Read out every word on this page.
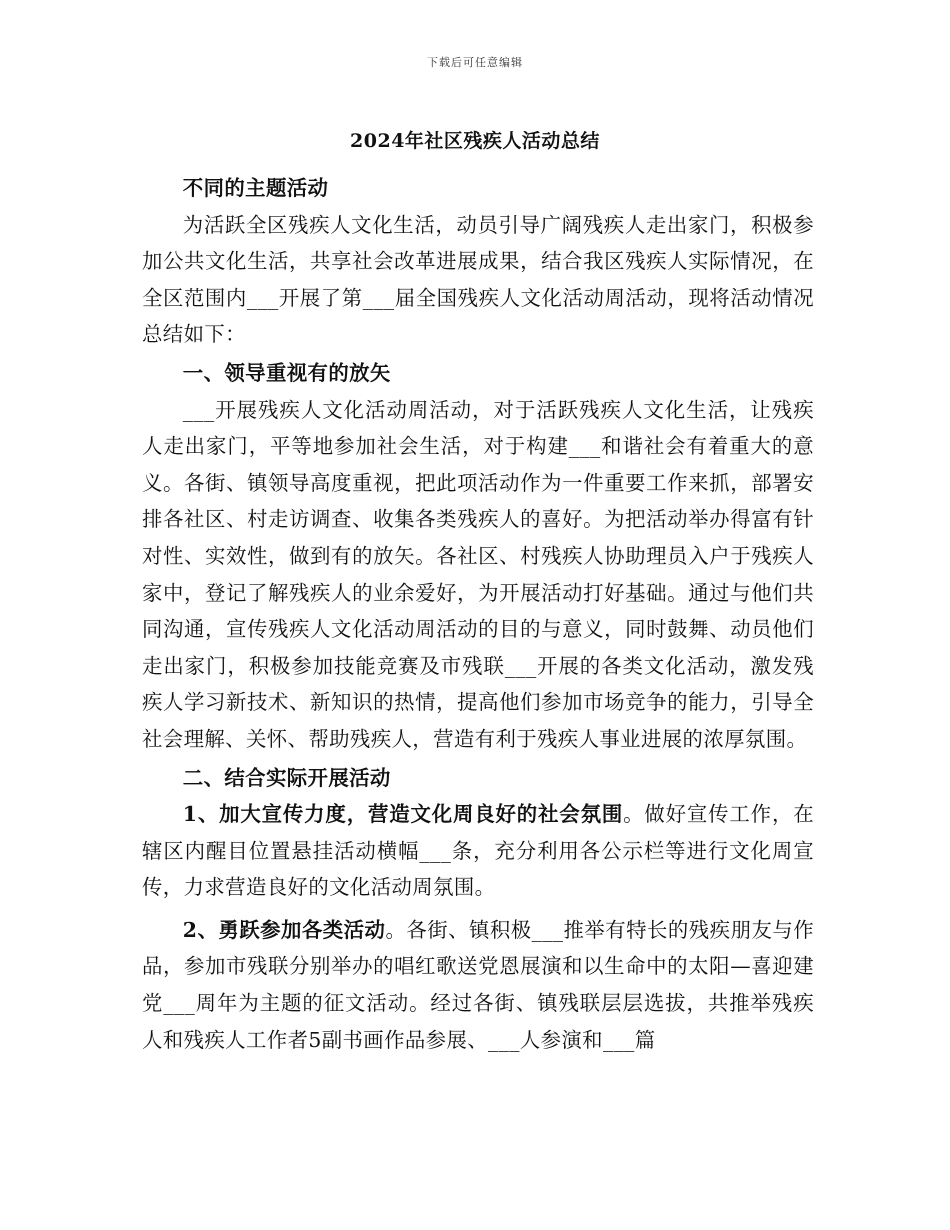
下载后可任意编辑
2024年社区残疾人活动总结

不同的主题活动

为活跃全区残疾人文化生活，动员引导广阔残疾人走出家门，积极参加公共文化生活，共享社会改革进展成果，结合我区残疾人实际情况，在全区范围内___开展了第___届全国残疾人文化活动周活动，现将活动情况总结如下：

一、领导重视有的放矢

___开展残疾人文化活动周活动，对于活跃残疾人文化生活，让残疾人走出家门，平等地参加社会生活，对于构建___和谐社会有着重大的意义。各街、镇领导高度重视，把此项活动作为一件重要工作来抓，部署安排各社区、村走访调查、收集各类残疾人的喜好。为把活动举办得富有针对性、实效性，做到有的放矢。各社区、村残疾人协助理员入户于残疾人家中，登记了解残疾人的业余爱好，为开展活动打好基础。通过与他们共同沟通，宣传残疾人文化活动周活动的目的与意义，同时鼓舞、动员他们走出家门，积极参加技能竞赛及市残联___开展的各类文化活动，激发残疾人学习新技术、新知识的热情，提高他们参加市场竞争的能力，引导全社会理解、关怀、帮助残疾人，营造有利于残疾人事业进展的浓厚氛围。

二、结合实际开展活动

1、加大宣传力度，营造文化周良好的社会氛围。做好宣传工作，在辖区内醒目位置悬挂活动横幅___条，充分利用各公示栏等进行文化周宣传，力求营造良好的文化活动周氛围。

2、勇跃参加各类活动。各街、镇积极___推举有特长的残疾朋友与作品，参加市残联分别举办的唱红歌送党恩展演和以生命中的太阳—喜迎建党___周年为主题的征文活动。经过各街、镇残联层层选拔，共推举残疾人和残疾人工作者5副书画作品参展、___人参演和___篇
